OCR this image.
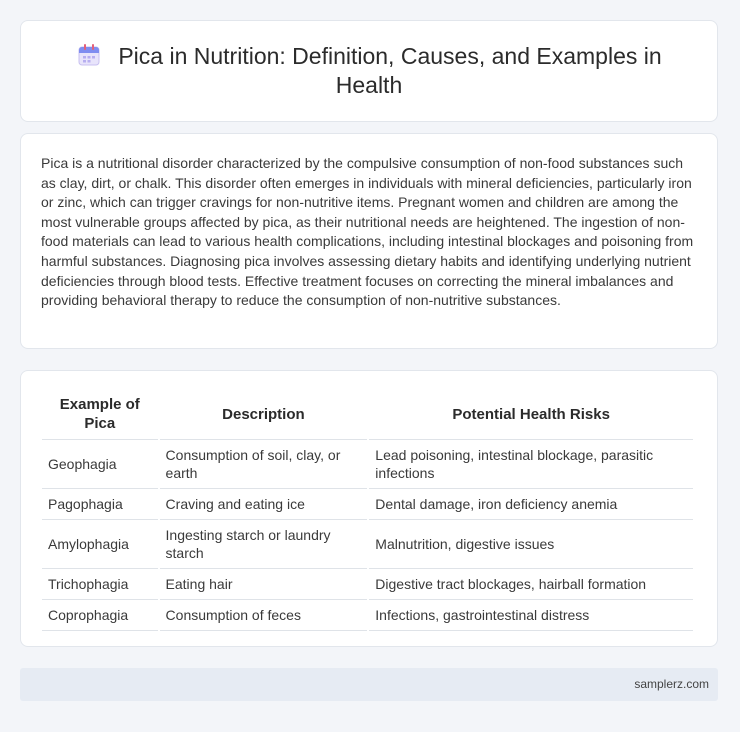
Pica in Nutrition: Definition, Causes, and Examples in Health

Pica is a nutritional disorder characterized by the compulsive consumption of non-food substances such as clay, dirt, or chalk. This disorder often emerges in individuals with mineral deficiencies, particularly iron or zinc, which can trigger cravings for non-nutritive items. Pregnant women and children are among the most vulnerable groups affected by pica, as their nutritional needs are heightened. The ingestion of non-food materials can lead to various health complications, including intestinal blockages and poisoning from harmful substances. Diagnosing pica involves assessing dietary habits and identifying underlying nutrient deficiencies through blood tests. Effective treatment focuses on correcting the mineral imbalances and providing behavioral therapy to reduce the consumption of non-nutritive substances.

Example of Pica	Description	Potential Health Risks
Geophagia	Consumption of soil, clay, or earth	Lead poisoning, intestinal blockage, parasitic infections
Pagophagia	Craving and eating ice	Dental damage, iron deficiency anemia
Amylophagia	Ingesting starch or laundry starch	Malnutrition, digestive issues
Trichophagia	Eating hair	Digestive tract blockages, hairball formation
Coprophagia	Consumption of feces	Infections, gastrointestinal distress
samplerz.com
